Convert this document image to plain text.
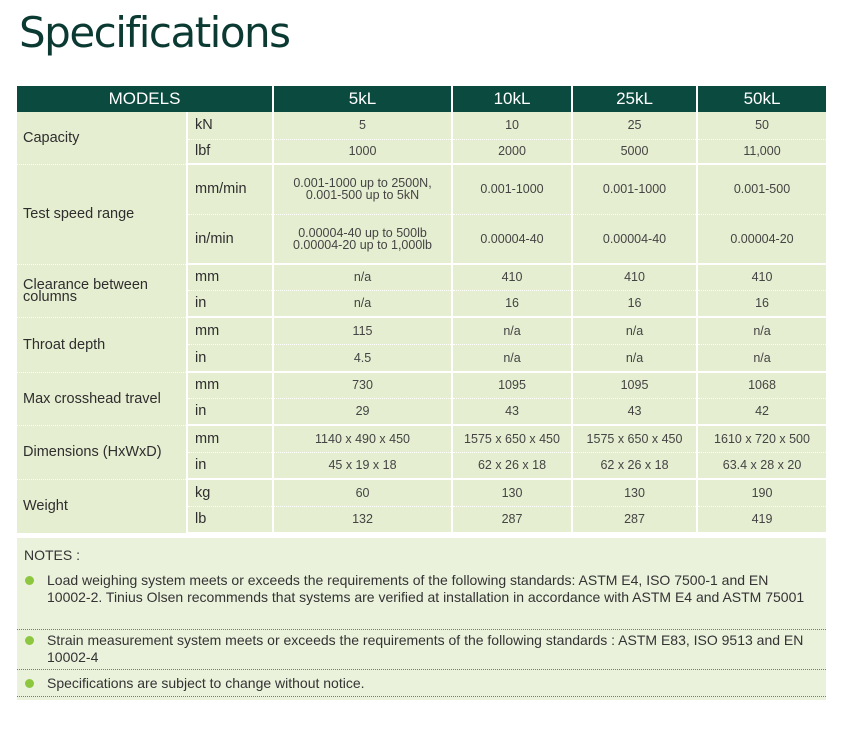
Specifications
MODELS		5kL	10kL	25kL	50kL
Capacity	kN	5	10	25	50
	lbf	1000	2000	5000	11,000
Test speed range	mm/min	0.001-1000 up to 2500N,
0.001-500 up to 5kN	0.001-1000	0.001-1000	0.001-500
	in/min	0.00004-40 up to 500lb
0.00004-20 up to 1,000lb	0.00004-40	0.00004-40	0.00004-20

Clearance between
columns	mm	n/a	410	410	410
	in	n/a	16	16	16
Throat depth	mm	115	n/a	n/a	n/a
	in	4.5	n/a	n/a	n/a
Max crosshead travel	mm	730	1095	1095	1068
	in	29	43	43	42
Dimensions (HxWxD)	mm	1140 x 490 x 450	1575 x 650 x 450	1575 x 650 x 450	1610 x 720 x 500
	in	45 x 19 x 18	62 x 26 x 18	62 x 26 x 18	63.4 x 28 x 20
Weight	kg	60	130	130	190
	lb	132	287	287	419
NOTES :
Load weighing system meets or exceeds the requirements of the following standards: ASTM E4, ISO 7500-1 and EN 10002-2. Tinius Olsen recommends that systems are verified at installation in accordance with ASTM E4 and ASTM 75001
Strain measurement system meets or exceeds the requirements of the following standards : ASTM E83, ISO 9513 and EN 10002-4
Specifications are subject to change without notice.
